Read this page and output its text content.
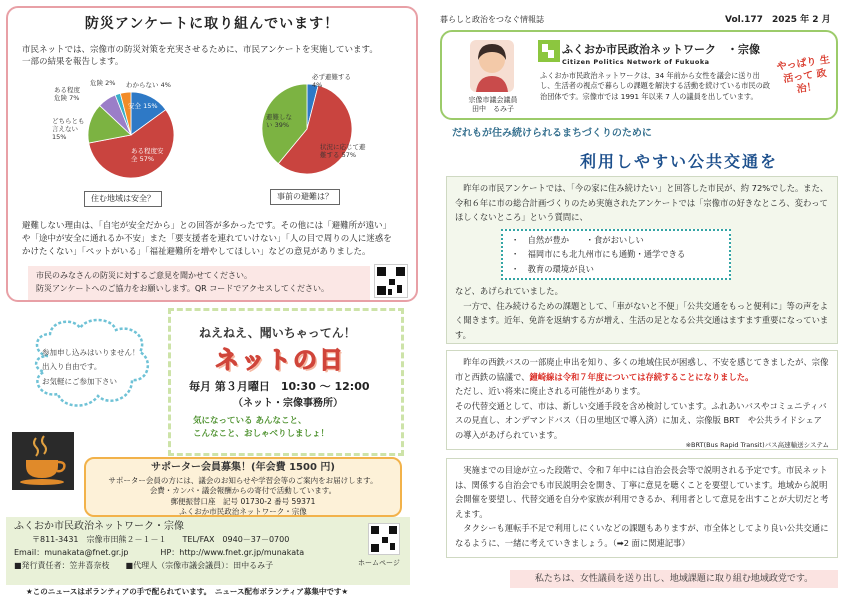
防災アンケートに取り組んでいます！
市民ネットでは、宗像市の防災対策を充実させるために、市民アンケートを実施しています。
一部の結果を報告します。
安全 15%
ある程度安全 57%
どちらとも言えない 15%
ある程度危険 7%
危険 2% わからない 4%
住む地域は安全？
必ず避難する 4%
状況に応じて避難する 57%
避難しない 39%
事前の避難は？
避難しない理由は、「自宅が安全だから」との回答が多かったです。その他には「避難所が遠い」
や「途中が安全に通れるか不安」また「要支援者を連れていけない」「人の目で周りの人に迷惑を
かけたくない」「ペットがいる」「福祉避難所を増やしてほしい」などの意見がありました。
市民のみなさんの防災に対するご意見を聞かせてください。
防災アンケートへのご協力をお願いします。QR コードでアクセスしてください。
参加申し込みはいりません！
出入り自由です。
お気軽にご参加下さい
ねえねえ、聞いちゃってん！
ネットの日
毎月 第３月曜日　10:30 ～ 12:00
（ネット・宗像事務所）
気になっている あんなこと、
こんなこと、おしゃべりしましょ！
サポーター会員募集！(年会費 1500 円)
サポーター会員の方には、議会のお知らせや学習会等のご案内をお届けします。
会費・カンパ・議会報酬からの寄付で活動しています。
郵便振替口座　記号 01730-2 番号 59371
ふくおか市民政治ネットワーク・宗像
ふくおか市民政治ネットワーク・宗像
〒811-3431　宗像市田熊２－１－１　　TEL/FAX　0940－37－0700
Email：munakata@fnet.gr.jp　　　　HP：http://www.fnet.gr.jp/munakata
■発行責任者：笠井喜奈枝　　■代理人（宗像市議会議員）：田中るみ子	ホームページ
★このニュースはボランティアの手で配られています。　ニュース配布ボランティア募集中です★
暮らしと政治をつなぐ情報誌	Vol.177　2025 年 2 月
宗像市議会議員
田中　るみ子
ふくおか市民政治ネットワーク　・宗像
Citizen Politics Network of Fukuoka
ふくおか市民政治ネットワークは、34 年前から女性を議会に送り出し、生活者の視点で暮らしの課題を解決する活動を続けている市民の政治団体です。宗像市では 1991 年以来 7 人の議員を出しています。
やっぱり 生活って 政治！
だれもが住み続けられるまちづくりのために
利用しやすい公共交通を
　昨年の市民アンケートでは、「今の家に住み続けたい」と回答した市民が、約 72%でした。また、令和６年に市の総合計画づくりのため実施されたアンケートでは「宗像市の好きなところ、変わってほしくないところ」という質問に、
・　自然が豊か　　・食がおいしい
・　福岡市にも北九州市にも通勤・通学できる
・　教育の環境が良い
など、あげられていました。
　一方で、住み続けるための課題として、「車がないと不便」「公共交通をもっと便利に」等の声をよく聞きます。近年、免許を返納する方が増え、生活の足となる公共交通はますます重要になっています。
　昨年の西鉄バスの一部廃止申出を知り、多くの地域住民が困惑し、不安を感じてきましたが、宗像市と西鉄の協議で、鐘崎線は令和７年度については存続することになりました。
ただし、近い将来に廃止される可能性があります。
その代替交通として、市は、新しい交通手段を含め検討しています。ふれあいバスやコミュニティバスの見直し、オンデマンドバス（日の里地区で導入済）に加え、宗像版 BRT　や公共ライドシェアの導入があげられています。
※BRT(Bus Rapid Transit)バス高速輸送システム
　実施までの目途が立った段階で、令和７年中には自治会長会等で説明される予定です。市民ネットは、関係する自治会でも市民説明会を開き、丁寧に意見を聴くことを要望しています。地域から説明会開催を要望し、代替交通を自分や家族が利用できるか、利用者として意見を出すことが大切だと考えます。
　タクシーも運転手不足で利用しにくいなどの課題もありますが、市全体としてより良い公共交通になるように、一緒に考えていきましょう。（➡2 面に関連記事）
私たちは、女性議員を送り出し、地域課題に取り組む地域政党です。
